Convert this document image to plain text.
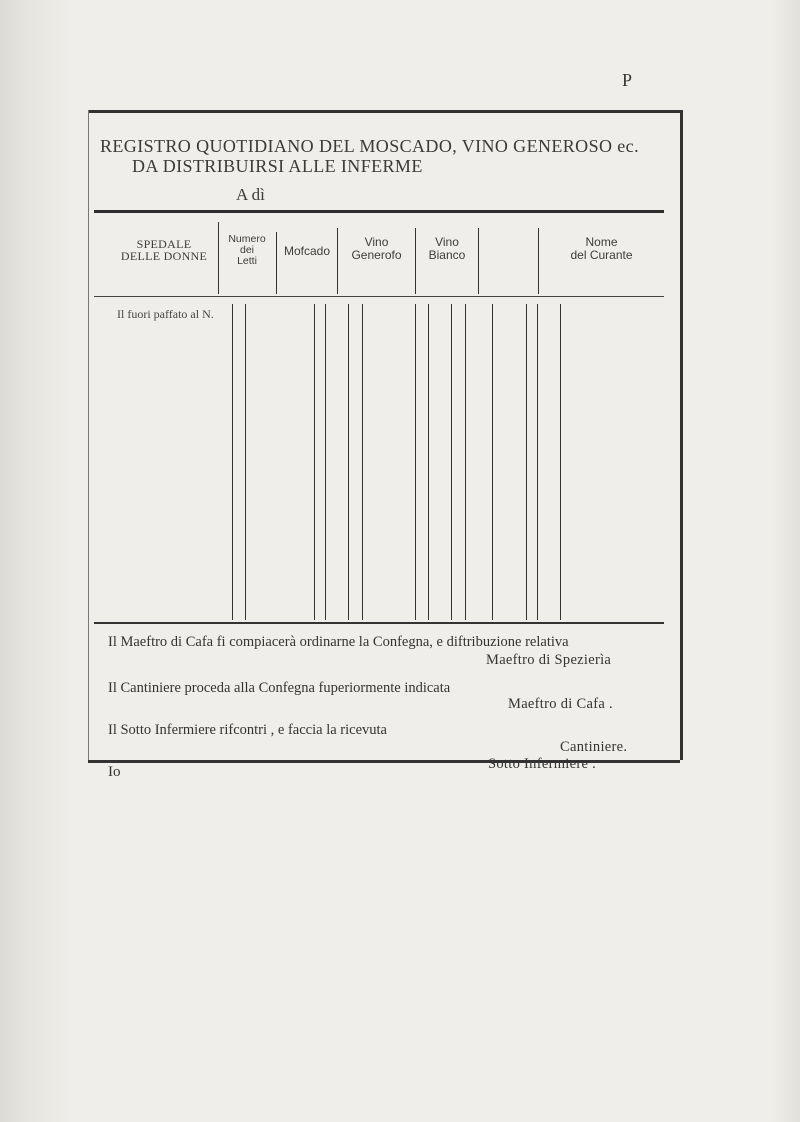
P
REGISTRO QUOTIDIANO DEL MOSCADO, VINO GENEROSO ec.
DA DISTRIBUIRSI ALLE INFERME
A dì
SPEDALE
DELLE DONNE
Numero
dei
Letti
Mofcado
Vino
Generofo
Vino
Bianco
Nome
del Curante
Il fuori paffato al N.
Il Maeftro di Cafa fi compiacerà ordinarne la Confegna, e diftribuzione relativa
Maeftro di Spezierìa
Il Cantiniere proceda alla Confegna fuperiormente indicata
Maeftro di Cafa .
Il Sotto Infermiere rifcontri , e faccia la ricevuta
Cantiniere.
Io	Sotto Infermiere .
